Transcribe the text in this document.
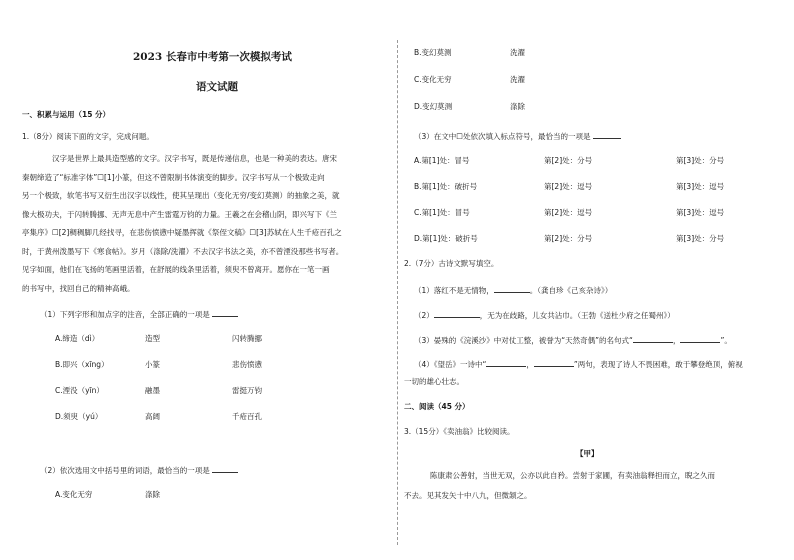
2023 长春市中考第一次模拟考试
语文试题
一、积累与运用（15 分）
1.（8分）阅读下面的文字，完成问题。
汉字是世界上最具造型感的文字。汉字书写，既是传递信息，也是一种美的表达。唐宋
秦朝缔造了“标准字体”☐[1]小篆，但这不曾限制书体演变的脚步。汉字书写从一个极致走向
另一个极致，软笔书写又衍生出汉字以线性，使其呈现出（变化无穷/变幻莫测）的抽象之美，就
像大极功夫，于闪转腾挪、无声无息中产生雷霆万钧的力量。王羲之在会稽山阴，即兴写下《兰
亭集序》☐[2]稠稠脚几经找寻，在悲伤愤懑中疑墨挥就《祭侄文稿》☐[3]苏轼在人生千疮百孔之
时，于黄州泼墨写下《寒食帖》。岁月（涤除/洗濯）不去汉字书法之美，亦不曾湮没那些书写者。
见字如面，他们在飞扬的笔画里活着，在舒展的线条里活着，须臾不曾离开。愿你在一笔一画
的书写中，找回自己的精神高峨。
（1）下列字形和加点字的注音，全部正确的一项是
A.缔造（dì）	造型	闪转腾挪
B.即兴（xīng）	小篆	悲伤愤懑
C.湮没（yīn）	融墨	雷挺万钧
D.须臾（yú）	高阔	千疮百孔
（2）依次选用文中括号里的词语，最恰当的一项是
A.变化无穷	涤除
B.变幻莫测	洗濯
C.变化无穷	洗濯
D.变幻莫测	涤除
（3）在文中☐处依次填入标点符号，最恰当的一项是
A.第[1]处：冒号	第[2]处：分号	第[3]处：分号
B.第[1]处：破折号	第[2]处：逗号	第[3]处：逗号
C.第[1]处：冒号	第[2]处：逗号	第[3]处：逗号
D.第[1]处：破折号	第[2]处：分号	第[3]处：分号
2.（7分）古诗文默写填空。
（1）落红不是无情物，	。（龚自珍《己亥杂诗》）
（2）	，无为在歧路，儿女共沾巾。（王勃《送杜少府之任蜀州》）
（3）晏殊的《浣溪沙》中对仗工整，被誉为“天然奇偶”的名句式“	，	”。
（4）《望岳》一诗中“	，	”两句，表现了诗人不畏困难，敢于攀登绝顶，俯视
一切的雄心壮志。
二、阅读（45 分）
3.（15分）《卖油翁》比较阅读。
【甲】
陈康肃公善射，当世无双，公亦以此自矜。尝射于家圃，有卖油翁释担而立，睨之久而
不去。见其发矢十中八九，但微颔之。
